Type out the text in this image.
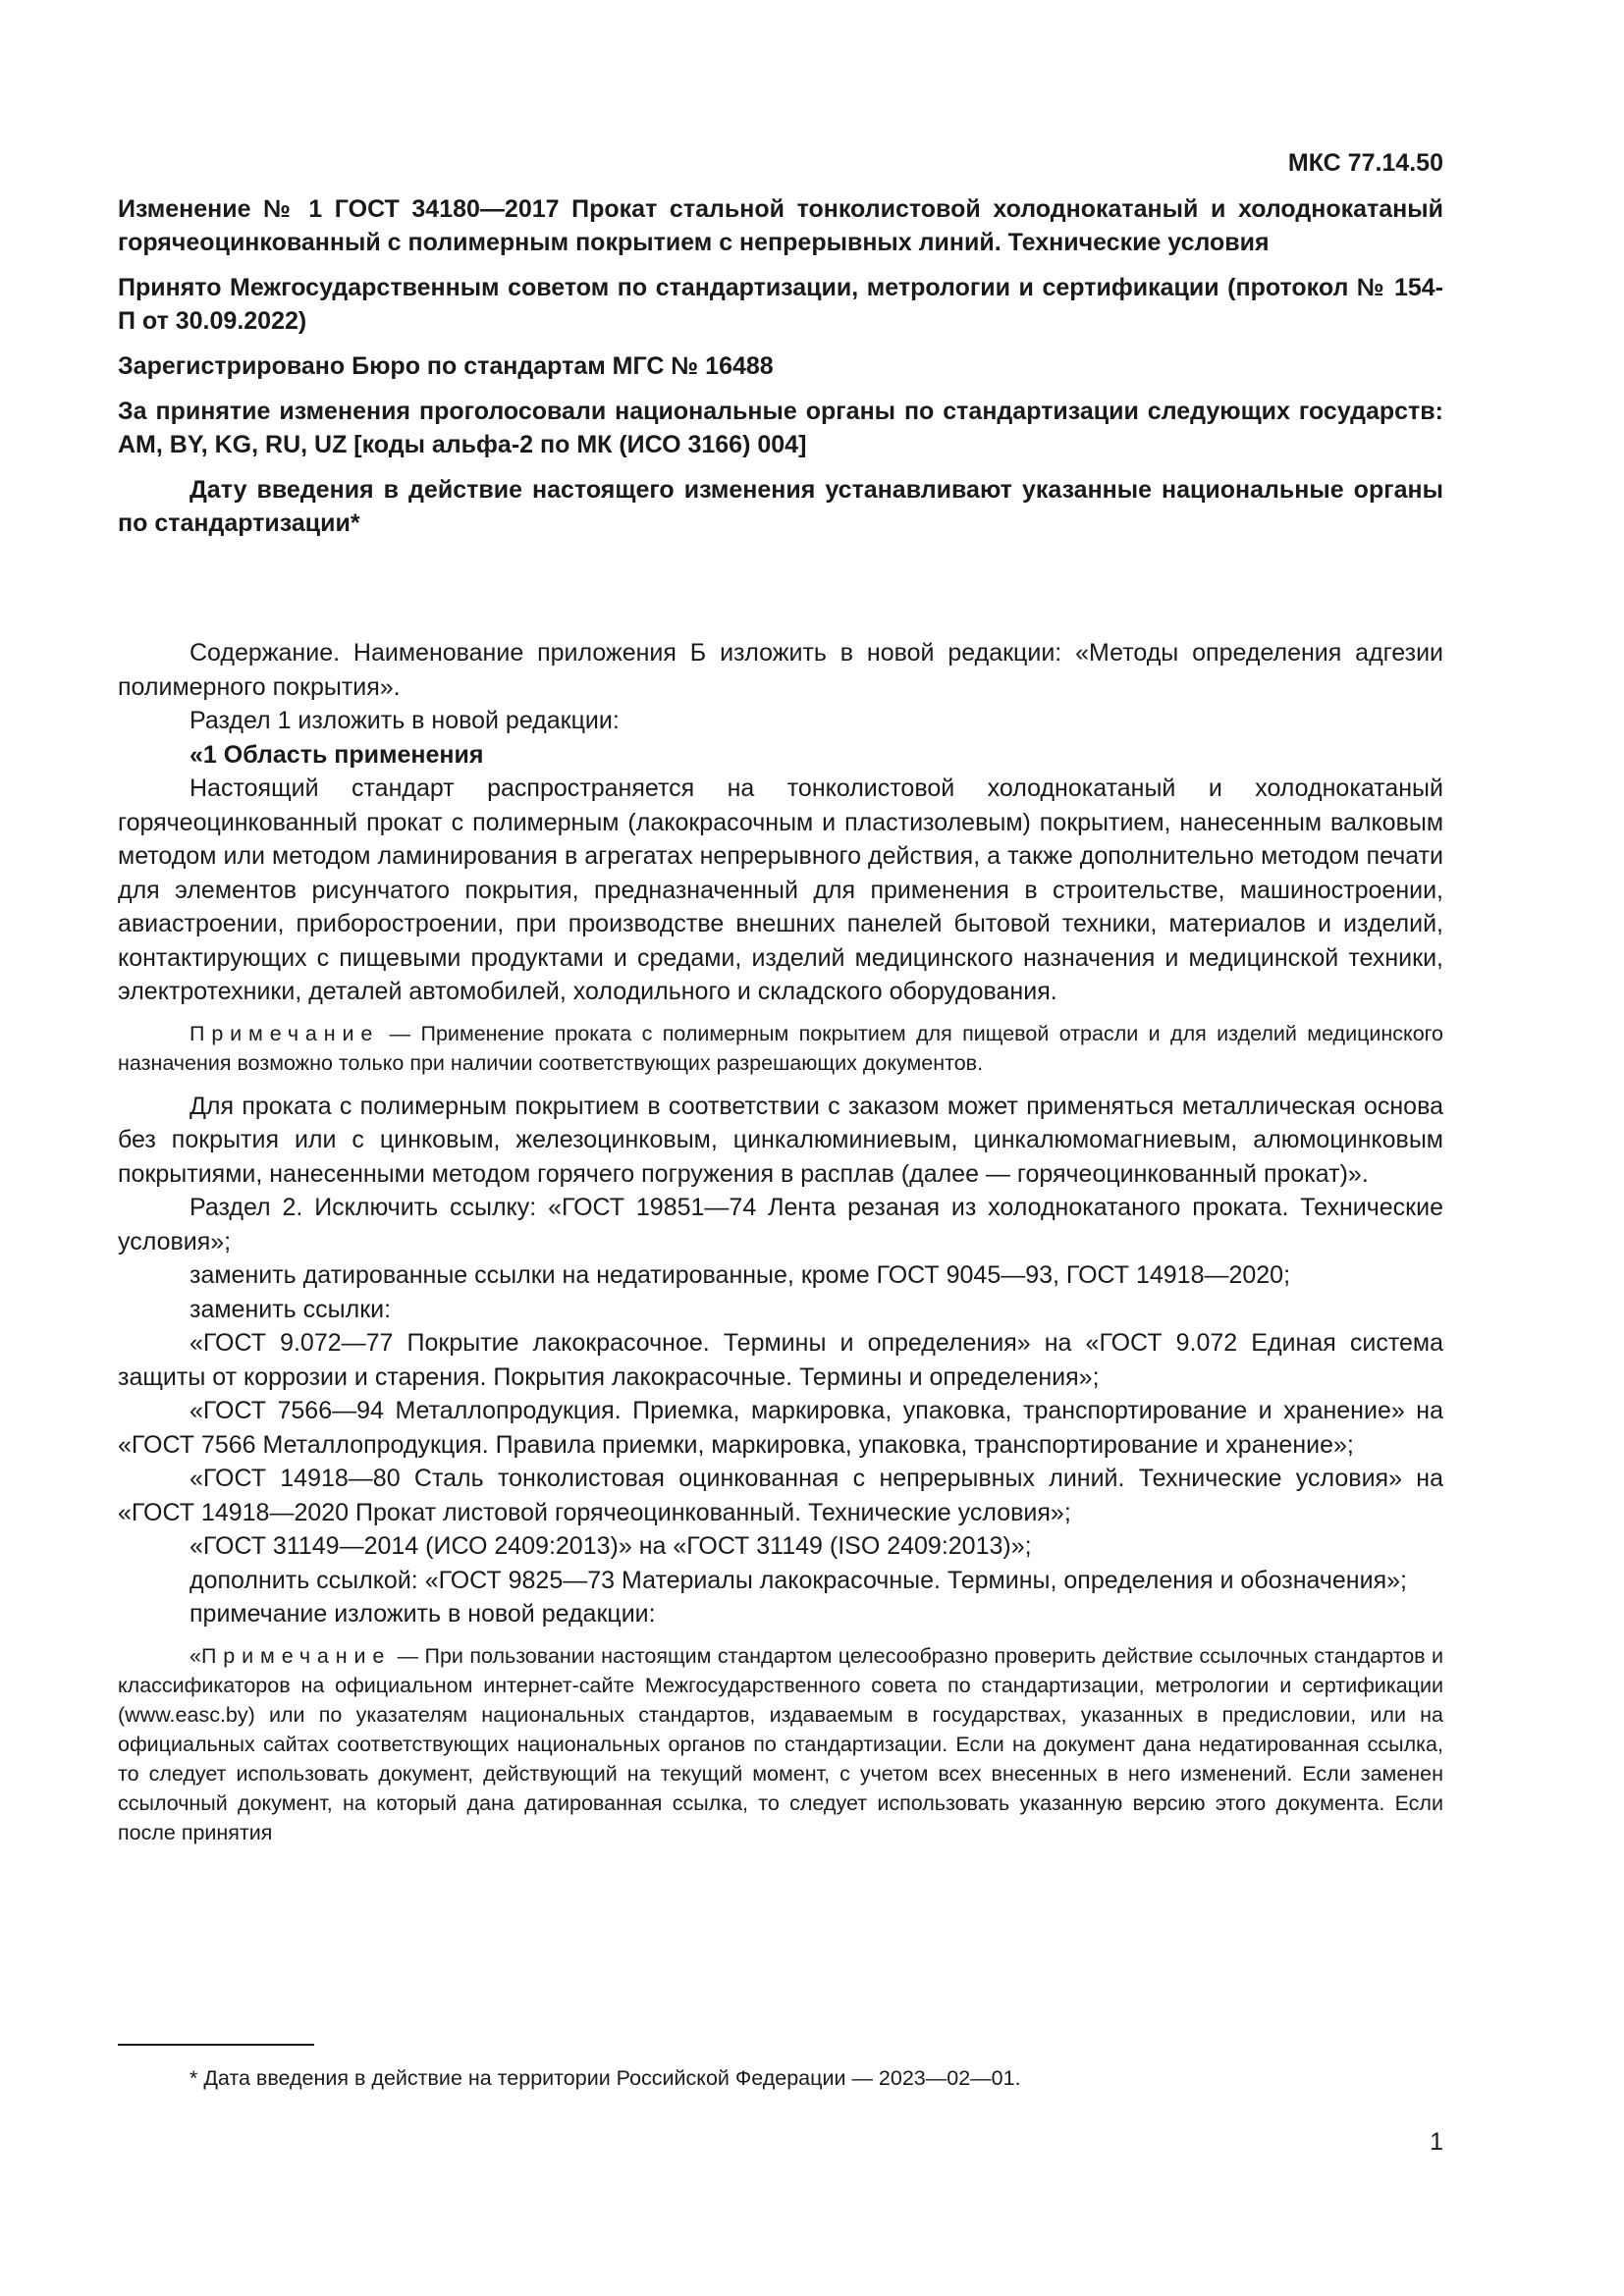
МКС 77.14.50

Изменение № 1 ГОСТ 34180—2017 Прокат стальной тонколистовой холоднокатаный и холоднокатаный горячеоцинкованный с полимерным покрытием с непрерывных линий. Технические условия

Принято Межгосударственным советом по стандартизации, метрологии и сертификации (протокол № 154-П от 30.09.2022)

Зарегистрировано Бюро по стандартам МГС № 16488

За принятие изменения проголосовали национальные органы по стандартизации следующих государств: AM, BY, KG, RU, UZ [коды альфа-2 по МК (ИСО 3166) 004]

Дату введения в действие настоящего изменения устанавливают указанные национальные органы по стандартизации*

Содержание. Наименование приложения Б изложить в новой редакции: «Методы определения адгезии полимерного покрытия».

Раздел 1 изложить в новой редакции:

«1 Область применения

Настоящий стандарт распространяется на тонколистовой холоднокатаный и холоднокатаный горячеоцинкованный прокат с полимерным (лакокрасочным и пластизолевым) покрытием, нанесенным валковым методом или методом ламинирования в агрегатах непрерывного действия, а также дополнительно методом печати для элементов рисунчатого покрытия, предназначенный для применения в строительстве, машиностроении, авиастроении, приборостроении, при производстве внешних панелей бытовой техники, материалов и изделий, контактирующих с пищевыми продуктами и средами, изделий медицинского назначения и медицинской техники, электротехники, деталей автомобилей, холодильного и складского оборудования.

Примечание — Применение проката с полимерным покрытием для пищевой отрасли и для изделий медицинского назначения возможно только при наличии соответствующих разрешающих документов.

Для проката с полимерным покрытием в соответствии с заказом может применяться металлическая основа без покрытия или с цинковым, железоцинковым, цинкалюминиевым, цинкалюмомагниевым, алюмоцинковым покрытиями, нанесенными методом горячего погружения в расплав (далее — горячеоцинкованный прокат)».

Раздел 2. Исключить ссылку: «ГОСТ 19851—74 Лента резаная из холоднокатаного проката. Технические условия»;

заменить датированные ссылки на недатированные, кроме ГОСТ 9045—93, ГОСТ 14918—2020;

заменить ссылки:

«ГОСТ 9.072—77 Покрытие лакокрасочное. Термины и определения» на «ГОСТ 9.072 Единая система защиты от коррозии и старения. Покрытия лакокрасочные. Термины и определения»;

«ГОСТ 7566—94 Металлопродукция. Приемка, маркировка, упаковка, транспортирование и хранение» на «ГОСТ 7566 Металлопродукция. Правила приемки, маркировка, упаковка, транспортирование и хранение»;

«ГОСТ 14918—80 Сталь тонколистовая оцинкованная с непрерывных линий. Технические условия» на «ГОСТ 14918—2020 Прокат листовой горячеоцинкованный. Технические условия»;

«ГОСТ 31149—2014 (ИСО 2409:2013)» на «ГОСТ 31149 (ISO 2409:2013)»;

дополнить ссылкой: «ГОСТ 9825—73 Материалы лакокрасочные. Термины, определения и обозначения»;

примечание изложить в новой редакции:

«Примечание — При пользовании настоящим стандартом целесообразно проверить действие ссылочных стандартов и классификаторов на официальном интернет-сайте Межгосударственного совета по стандартизации, метрологии и сертификации (www.easc.by) или по указателям национальных стандартов, издаваемым в государствах, указанных в предисловии, или на официальных сайтах соответствующих национальных органов по стандартизации. Если на документ дана недатированная ссылка, то следует использовать документ, действующий на текущий момент, с учетом всех внесенных в него изменений. Если заменен ссылочный документ, на который дана датированная ссылка, то следует использовать указанную версию этого документа. Если после принятия

* Дата введения в действие на территории Российской Федерации — 2023—02—01.
1
